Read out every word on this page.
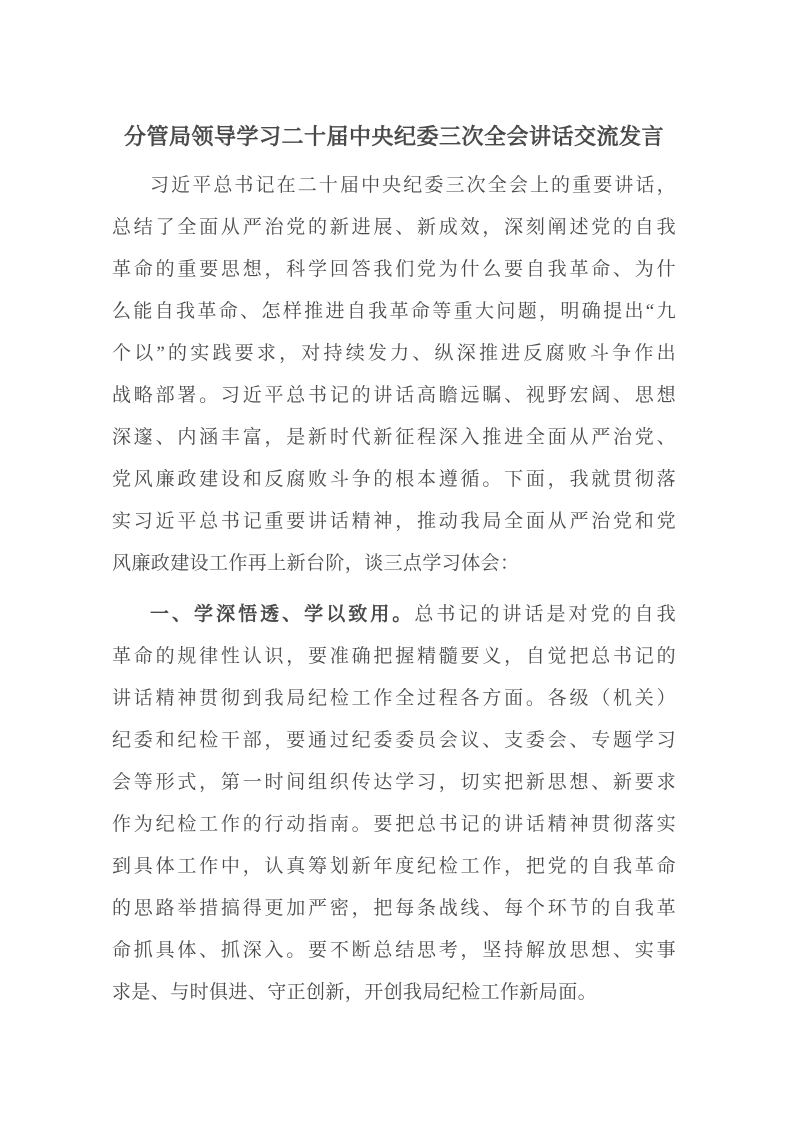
分管局领导学习二十届中央纪委三次全会讲话交流发言
习近平总书记在二十届中央纪委三次全会上的重要讲话，
总结了全面从严治党的新进展、新成效，深刻阐述党的自我
革命的重要思想，科学回答我们党为什么要自我革命、为什
么能自我革命、怎样推进自我革命等重大问题，明确提出“九
个以”的实践要求，对持续发力、纵深推进反腐败斗争作出
战略部署。习近平总书记的讲话高瞻远瞩、视野宏阔、思想
深邃、内涵丰富，是新时代新征程深入推进全面从严治党、
党风廉政建设和反腐败斗争的根本遵循。下面，我就贯彻落
实习近平总书记重要讲话精神，推动我局全面从严治党和党
风廉政建设工作再上新台阶，谈三点学习体会：
一、学深悟透、学以致用。总书记的讲话是对党的自我
革命的规律性认识，要准确把握精髓要义，自觉把总书记的
讲话精神贯彻到我局纪检工作全过程各方面。各级（机关）
纪委和纪检干部，要通过纪委委员会议、支委会、专题学习
会等形式，第一时间组织传达学习，切实把新思想、新要求
作为纪检工作的行动指南。要把总书记的讲话精神贯彻落实
到具体工作中，认真筹划新年度纪检工作，把党的自我革命
的思路举措搞得更加严密，把每条战线、每个环节的自我革
命抓具体、抓深入。要不断总结思考，坚持解放思想、实事
求是、与时俱进、守正创新，开创我局纪检工作新局面。
